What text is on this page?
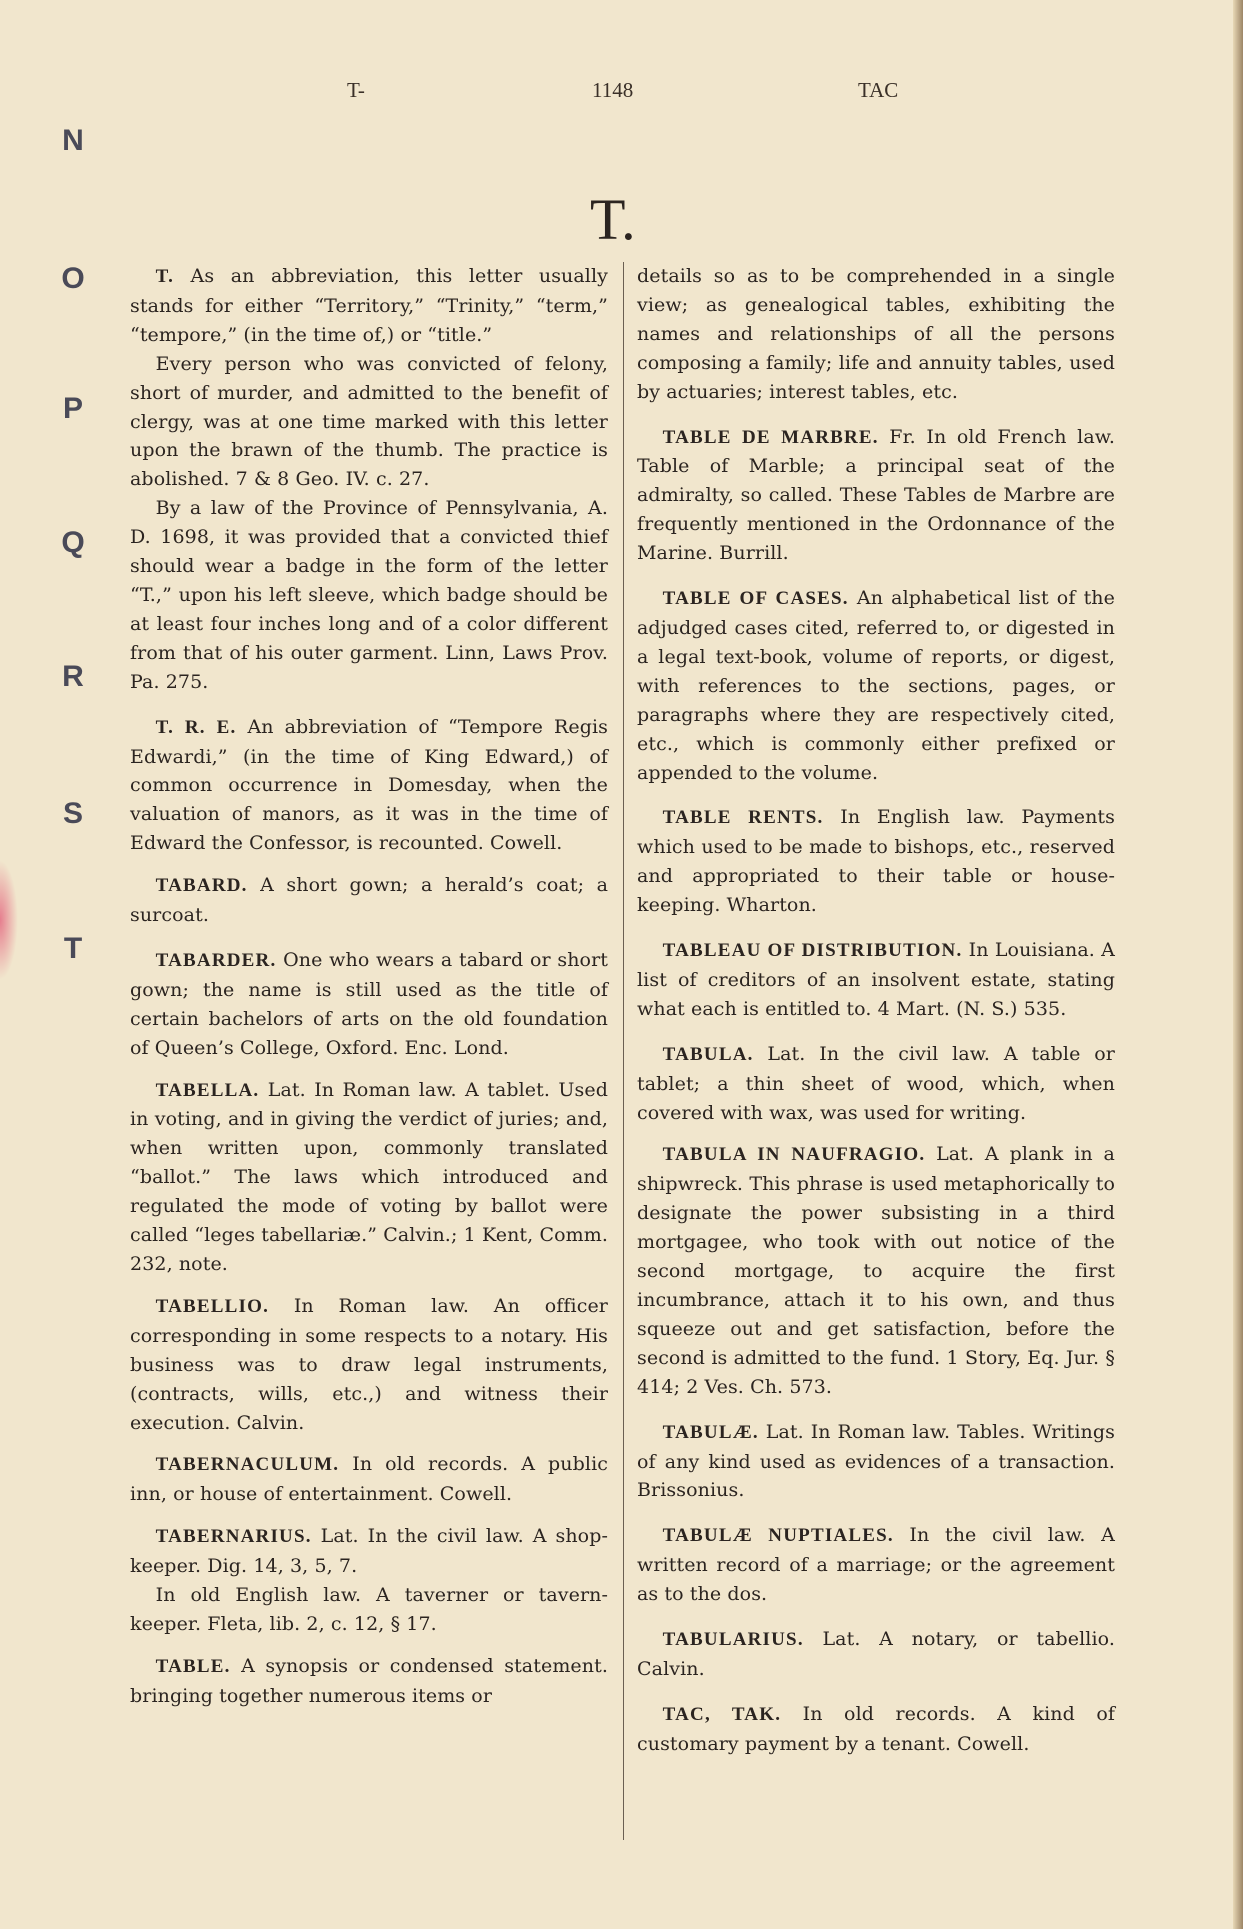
T-	1148	TAC
N
O
P
Q
R
S
T
T.

T. As an abbreviation, this letter usually stands for either “Territory,” “Trinity,” “term,” “tempore,” (in the time of,) or “title.”

Every person who was convicted of felony, short of murder, and admitted to the benefit of clergy, was at one time marked with this letter upon the brawn of the thumb. The practice is abolished. 7 & 8 Geo. IV. c. 27.

By a law of the Province of Pennsylvania, A. D. 1698, it was provided that a convicted thief should wear a badge in the form of the letter “T.,” upon his left sleeve, which badge should be at least four inches long and of a color different from that of his outer garment. Linn, Laws Prov. Pa. 275.

T. R. E. An abbreviation of “Tempore Regis Edwardi,” (in the time of King Edward,) of common occurrence in Domesday, when the valuation of manors, as it was in the time of Edward the Confessor, is recounted. Cowell.

TABARD. A short gown; a herald’s coat; a surcoat.

TABARDER. One who wears a tabard or short gown; the name is still used as the title of certain bachelors of arts on the old foundation of Queen’s College, Oxford. Enc. Lond.

TABELLA. Lat. In Roman law. A tablet. Used in voting, and in giving the verdict of juries; and, when written upon, commonly translated “ballot.” The laws which introduced and regulated the mode of voting by ballot were called “leges tabellariæ.” Calvin.; 1 Kent, Comm. 232, note.

TABELLIO. In Roman law. An officer corresponding in some respects to a notary. His business was to draw legal instruments, (contracts, wills, etc.,) and witness their execution. Calvin.

TABERNACULUM. In old records. A public inn, or house of entertainment. Cowell.

TABERNARIUS. Lat. In the civil law. A shop-keeper. Dig. 14, 3, 5, 7.

In old English law. A taverner or tavern-keeper. Fleta, lib. 2, c. 12, § 17.

TABLE. A synopsis or condensed statement. bringing together numerous items or

details so as to be comprehended in a single view; as genealogical tables, exhibiting the names and relationships of all the persons composing a family; life and annuity tables, used by actuaries; interest tables, etc.

TABLE DE MARBRE. Fr. In old French law. Table of Marble; a principal seat of the admiralty, so called. These Tables de Marbre are frequently mentioned in the Ordonnance of the Marine. Burrill.

TABLE OF CASES. An alphabetical list of the adjudged cases cited, referred to, or digested in a legal text-book, volume of reports, or digest, with references to the sections, pages, or paragraphs where they are respectively cited, etc., which is commonly either prefixed or appended to the volume.

TABLE RENTS. In English law. Payments which used to be made to bishops, etc., reserved and appropriated to their table or house-keeping. Wharton.

TABLEAU OF DISTRIBUTION. In Louisiana. A list of creditors of an insolvent estate, stating what each is entitled to. 4 Mart. (N. S.) 535.

TABULA. Lat. In the civil law. A table or tablet; a thin sheet of wood, which, when covered with wax, was used for writing.

TABULA IN NAUFRAGIO. Lat. A plank in a shipwreck. This phrase is used metaphorically to designate the power subsisting in a third mortgagee, who took with out notice of the second mortgage, to acquire the first incumbrance, attach it to his own, and thus squeeze out and get satisfaction, before the second is admitted to the fund. 1 Story, Eq. Jur. § 414; 2 Ves. Ch. 573.

TABULÆ. Lat. In Roman law. Tables. Writings of any kind used as evidences of a transaction. Brissonius.

TABULÆ NUPTIALES. In the civil law. A written record of a marriage; or the agreement as to the dos.

TABULARIUS. Lat. A notary, or tabellio. Calvin.

TAC, TAK. In old records. A kind of customary payment by a tenant. Cowell.
